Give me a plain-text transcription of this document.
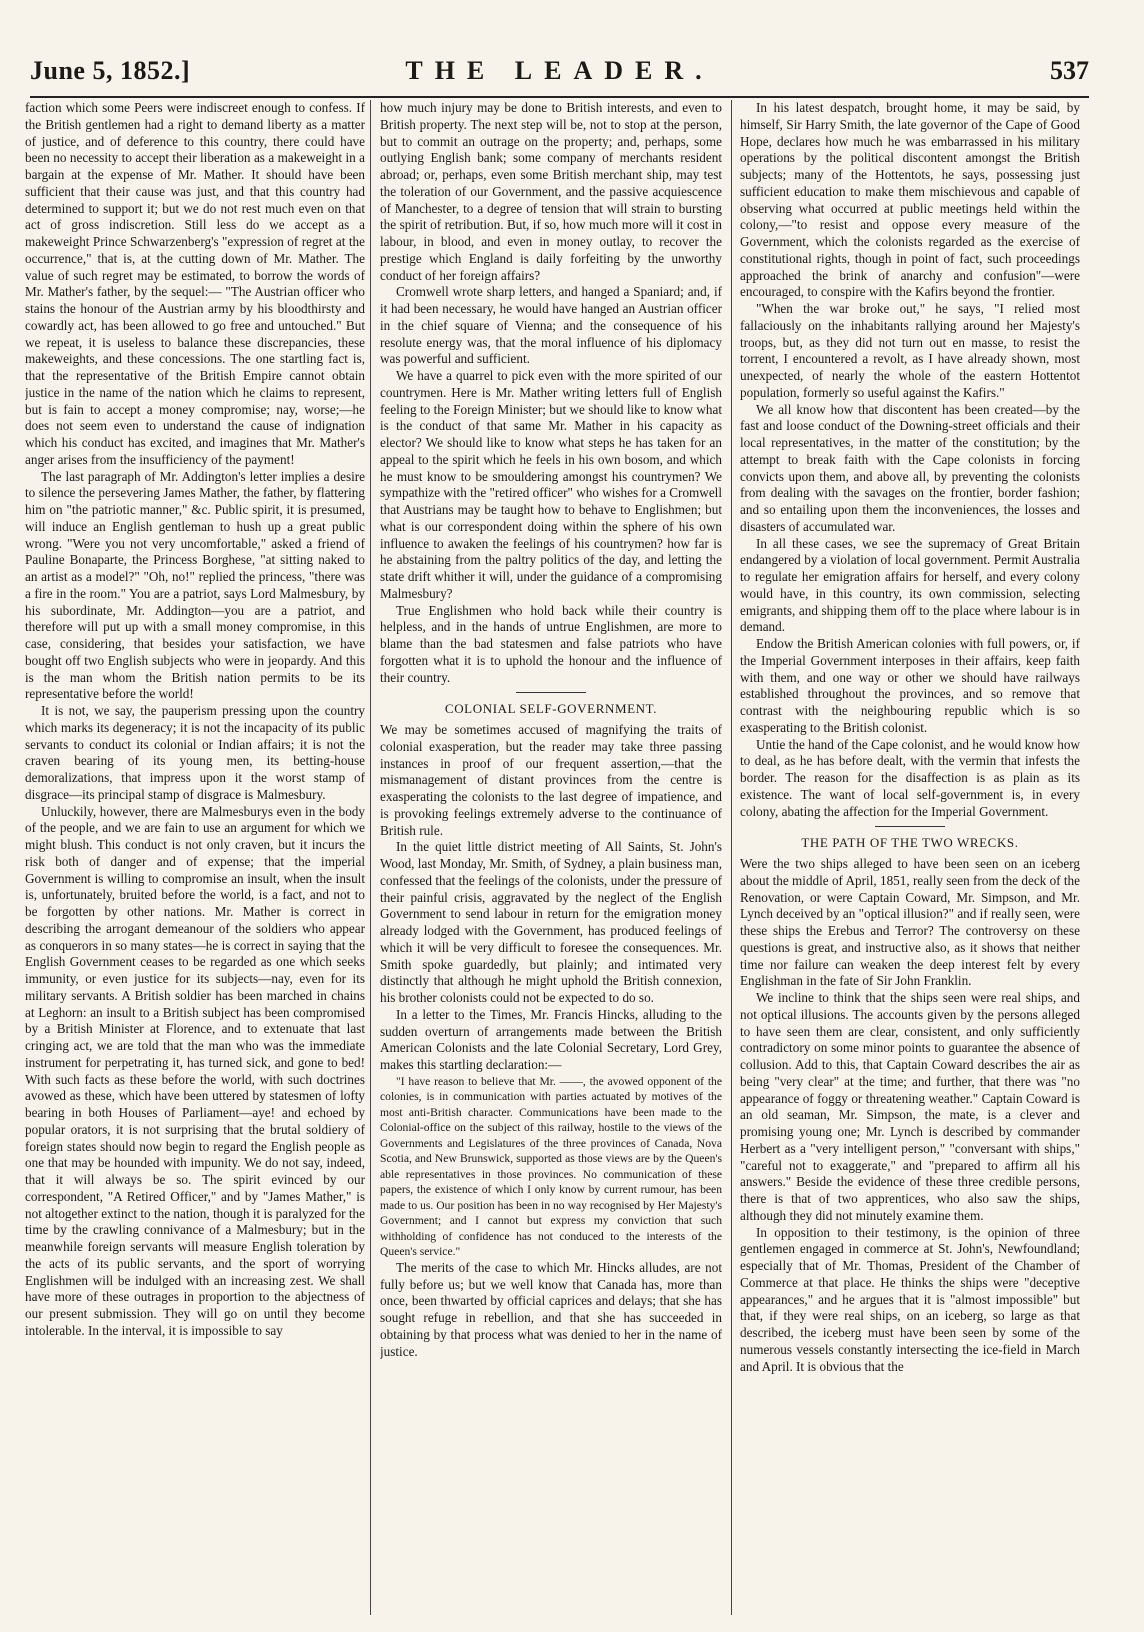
June 5, 1852.]	THE LEADER.	537

faction which some Peers were indiscreet enough to confess. If the British gentlemen had a right to demand liberty as a matter of justice, and of deference to this country, there could have been no necessity to accept their liberation as a makeweight in a bargain at the expense of Mr. Mather. It should have been sufficient that their cause was just, and that this country had determined to support it; but we do not rest much even on that act of gross indiscretion. Still less do we accept as a makeweight Prince Schwarzenberg's "expression of regret at the occurrence," that is, at the cutting down of Mr. Mather. The value of such regret may be estimated, to borrow the words of Mr. Mather's father, by the sequel:— "The Austrian officer who stains the honour of the Austrian army by his bloodthirsty and cowardly act, has been allowed to go free and untouched." But we repeat, it is useless to balance these discrepancies, these makeweights, and these concessions. The one startling fact is, that the representative of the British Empire cannot obtain justice in the name of the nation which he claims to represent, but is fain to accept a money compromise; nay, worse;—he does not seem even to understand the cause of indignation which his conduct has excited, and imagines that Mr. Mather's anger arises from the insufficiency of the payment!

The last paragraph of Mr. Addington's letter implies a desire to silence the persevering James Mather, the father, by flattering him on "the patriotic manner," &c. Public spirit, it is presumed, will induce an English gentleman to hush up a great public wrong. "Were you not very uncomfortable," asked a friend of Pauline Bonaparte, the Princess Borghese, "at sitting naked to an artist as a model?" "Oh, no!" replied the princess, "there was a fire in the room." You are a patriot, says Lord Malmesbury, by his subordinate, Mr. Addington—you are a patriot, and therefore will put up with a small money compromise, in this case, considering, that besides your satisfaction, we have bought off two English subjects who were in jeopardy. And this is the man whom the British nation permits to be its representative before the world!

It is not, we say, the pauperism pressing upon the country which marks its degeneracy; it is not the incapacity of its public servants to conduct its colonial or Indian affairs; it is not the craven bearing of its young men, its betting-house demoralizations, that impress upon it the worst stamp of disgrace—its principal stamp of disgrace is Malmesbury.

Unluckily, however, there are Malmesburys even in the body of the people, and we are fain to use an argument for which we might blush. This conduct is not only craven, but it incurs the risk both of danger and of expense; that the imperial Government is willing to compromise an insult, when the insult is, unfortunately, bruited before the world, is a fact, and not to be forgotten by other nations. Mr. Mather is correct in describing the arrogant demeanour of the soldiers who appear as conquerors in so many states—he is correct in saying that the English Government ceases to be regarded as one which seeks immunity, or even justice for its subjects—nay, even for its military servants. A British soldier has been marched in chains at Leghorn: an insult to a British subject has been compromised by a British Minister at Florence, and to extenuate that last cringing act, we are told that the man who was the immediate instrument for perpetrating it, has turned sick, and gone to bed! With such facts as these before the world, with such doctrines avowed as these, which have been uttered by statesmen of lofty bearing in both Houses of Parliament—aye! and echoed by popular orators, it is not surprising that the brutal soldiery of foreign states should now begin to regard the English people as one that may be hounded with impunity. We do not say, indeed, that it will always be so. The spirit evinced by our correspondent, "A Retired Officer," and by "James Mather," is not altogether extinct to the nation, though it is paralyzed for the time by the crawling connivance of a Malmesbury; but in the meanwhile foreign servants will measure English toleration by the acts of its public servants, and the sport of worrying Englishmen will be indulged with an increasing zest. We shall have more of these outrages in proportion to the abjectness of our present submission. They will go on until they become intolerable. In the interval, it is impossible to say

how much injury may be done to British interests, and even to British property. The next step will be, not to stop at the person, but to commit an outrage on the property; and, perhaps, some outlying English bank; some company of merchants resident abroad; or, perhaps, even some British merchant ship, may test the toleration of our Government, and the passive acquiescence of Manchester, to a degree of tension that will strain to bursting the spirit of retribution. But, if so, how much more will it cost in labour, in blood, and even in money outlay, to recover the prestige which England is daily forfeiting by the unworthy conduct of her foreign affairs?

Cromwell wrote sharp letters, and hanged a Spaniard; and, if it had been necessary, he would have hanged an Austrian officer in the chief square of Vienna; and the consequence of his resolute energy was, that the moral influence of his diplomacy was powerful and sufficient.

We have a quarrel to pick even with the more spirited of our countrymen. Here is Mr. Mather writing letters full of English feeling to the Foreign Minister; but we should like to know what is the conduct of that same Mr. Mather in his capacity as elector? We should like to know what steps he has taken for an appeal to the spirit which he feels in his own bosom, and which he must know to be smouldering amongst his countrymen? We sympathize with the "retired officer" who wishes for a Cromwell that Austrians may be taught how to behave to Englishmen; but what is our correspondent doing within the sphere of his own influence to awaken the feelings of his countrymen? how far is he abstaining from the paltry politics of the day, and letting the state drift whither it will, under the guidance of a compromising Malmesbury?

True Englishmen who hold back while their country is helpless, and in the hands of untrue Englishmen, are more to blame than the bad statesmen and false patriots who have forgotten what it is to uphold the honour and the influence of their country.

COLONIAL SELF-GOVERNMENT.

We may be sometimes accused of magnifying the traits of colonial exasperation, but the reader may take three passing instances in proof of our frequent assertion,—that the mismanagement of distant provinces from the centre is exasperating the colonists to the last degree of impatience, and is provoking feelings extremely adverse to the continuance of British rule.

In the quiet little district meeting of All Saints, St. John's Wood, last Monday, Mr. Smith, of Sydney, a plain business man, confessed that the feelings of the colonists, under the pressure of their painful crisis, aggravated by the neglect of the English Government to send labour in return for the emigration money already lodged with the Government, has produced feelings of which it will be very difficult to foresee the consequences. Mr. Smith spoke guardedly, but plainly; and intimated very distinctly that although he might uphold the British connexion, his brother colonists could not be expected to do so.

In a letter to the Times, Mr. Francis Hincks, alluding to the sudden overturn of arrangements made between the British American Colonists and the late Colonial Secretary, Lord Grey, makes this startling declaration:—

"I have reason to believe that Mr. ——, the avowed opponent of the colonies, is in communication with parties actuated by motives of the most anti-British character. Communications have been made to the Colonial-office on the subject of this railway, hostile to the views of the Governments and Legislatures of the three provinces of Canada, Nova Scotia, and New Brunswick, supported as those views are by the Queen's able representatives in those provinces. No communication of these papers, the existence of which I only know by current rumour, has been made to us. Our position has been in no way recognised by Her Majesty's Government; and I cannot but express my conviction that such withholding of confidence has not conduced to the interests of the Queen's service."

The merits of the case to which Mr. Hincks alludes, are not fully before us; but we well know that Canada has, more than once, been thwarted by official caprices and delays; that she has sought refuge in rebellion, and that she has succeeded in obtaining by that process what was denied to her in the name of justice.

In his latest despatch, brought home, it may be said, by himself, Sir Harry Smith, the late governor of the Cape of Good Hope, declares how much he was embarrassed in his military operations by the political discontent amongst the British subjects; many of the Hottentots, he says, possessing just sufficient education to make them mischievous and capable of observing what occurred at public meetings held within the colony,—"to resist and oppose every measure of the Government, which the colonists regarded as the exercise of constitutional rights, though in point of fact, such proceedings approached the brink of anarchy and confusion"—were encouraged, to conspire with the Kafirs beyond the frontier.

"When the war broke out," he says, "I relied most fallaciously on the inhabitants rallying around her Majesty's troops, but, as they did not turn out en masse, to resist the torrent, I encountered a revolt, as I have already shown, most unexpected, of nearly the whole of the eastern Hottentot population, formerly so useful against the Kafirs."

We all know how that discontent has been created—by the fast and loose conduct of the Downing-street officials and their local representatives, in the matter of the constitution; by the attempt to break faith with the Cape colonists in forcing convicts upon them, and above all, by preventing the colonists from dealing with the savages on the frontier, border fashion; and so entailing upon them the inconveniences, the losses and disasters of accumulated war.

In all these cases, we see the supremacy of Great Britain endangered by a violation of local government. Permit Australia to regulate her emigration affairs for herself, and every colony would have, in this country, its own commission, selecting emigrants, and shipping them off to the place where labour is in demand.

Endow the British American colonies with full powers, or, if the Imperial Government interposes in their affairs, keep faith with them, and one way or other we should have railways established throughout the provinces, and so remove that contrast with the neighbouring republic which is so exasperating to the British colonist.

Untie the hand of the Cape colonist, and he would know how to deal, as he has before dealt, with the vermin that infests the border. The reason for the disaffection is as plain as its existence. The want of local self-government is, in every colony, abating the affection for the Imperial Government.

THE PATH OF THE TWO WRECKS.

Were the two ships alleged to have been seen on an iceberg about the middle of April, 1851, really seen from the deck of the Renovation, or were Captain Coward, Mr. Simpson, and Mr. Lynch deceived by an "optical illusion?" and if really seen, were these ships the Erebus and Terror? The controversy on these questions is great, and instructive also, as it shows that neither time nor failure can weaken the deep interest felt by every Englishman in the fate of Sir John Franklin.

We incline to think that the ships seen were real ships, and not optical illusions. The accounts given by the persons alleged to have seen them are clear, consistent, and only sufficiently contradictory on some minor points to guarantee the absence of collusion. Add to this, that Captain Coward describes the air as being "very clear" at the time; and further, that there was "no appearance of foggy or threatening weather." Captain Coward is an old seaman, Mr. Simpson, the mate, is a clever and promising young one; Mr. Lynch is described by commander Herbert as a "very intelligent person," "conversant with ships," "careful not to exaggerate," and "prepared to affirm all his answers." Beside the evidence of these three credible persons, there is that of two apprentices, who also saw the ships, although they did not minutely examine them.

In opposition to their testimony, is the opinion of three gentlemen engaged in commerce at St. John's, Newfoundland; especially that of Mr. Thomas, President of the Chamber of Commerce at that place. He thinks the ships were "deceptive appearances," and he argues that it is "almost impossible" but that, if they were real ships, on an iceberg, so large as that described, the iceberg must have been seen by some of the numerous vessels constantly intersecting the ice-field in March and April. It is obvious that the
